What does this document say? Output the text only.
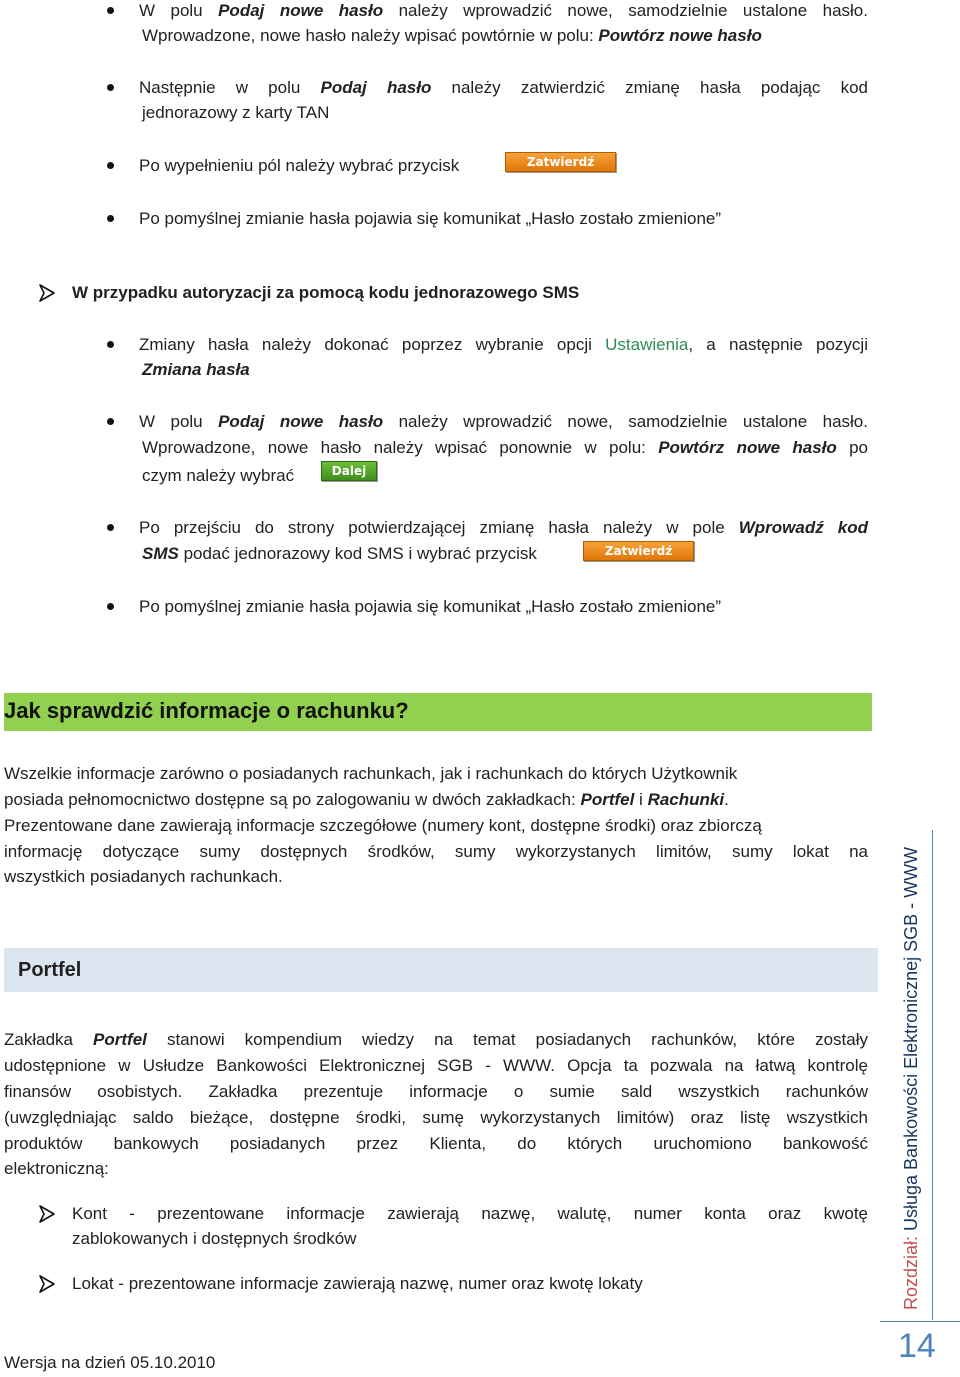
W polu Podaj nowe hasło należy wprowadzić nowe, samodzielnie ustalone hasło.
Wprowadzone, nowe hasło należy wpisać powtórnie w polu: Powtórz nowe hasło
Następnie w polu Podaj hasło należy zatwierdzić zmianę hasła podając kod
jednorazowy z karty TAN
Po wypełnieniu pól należy wybrać przycisk	Zatwierdź
Po pomyślnej zmianie hasła pojawia się komunikat „Hasło zostało zmienione”
W przypadku autoryzacji za pomocą kodu jednorazowego SMS
Zmiany hasła należy dokonać poprzez wybranie opcji Ustawienia, a następnie pozycji
Zmiana hasła
W polu Podaj nowe hasło należy wprowadzić nowe, samodzielnie ustalone hasło.
Wprowadzone, nowe hasło należy wpisać ponownie w polu: Powtórz nowe hasło po
czym należy wybrać	Dalej
Po przejściu do strony potwierdzającej zmianę hasła należy w pole Wprowadź kod
SMS podać jednorazowy kod SMS i wybrać przycisk	Zatwierdź
Po pomyślnej zmianie hasła pojawia się komunikat „Hasło zostało zmienione”
Jak sprawdzić informacje o rachunku?
Wszelkie informacje zarówno o posiadanych rachunkach, jak i rachunkach do których Użytkownik
posiada pełnomocnictwo dostępne są po zalogowaniu w dwóch zakładkach: Portfel i Rachunki.
Prezentowane dane zawierają informacje szczegółowe (numery kont, dostępne środki) oraz zbiorczą
informację dotyczące sumy dostępnych środków, sumy wykorzystanych limitów, sumy lokat na
wszystkich posiadanych rachunkach.
Portfel
Zakładka Portfel stanowi kompendium wiedzy na temat posiadanych rachunków, które zostały
udostępnione w Usłudze Bankowości Elektronicznej SGB - WWW. Opcja ta pozwala na łatwą kontrolę
finansów osobistych. Zakładka prezentuje informacje o sumie sald wszystkich rachunków
(uwzględniając saldo bieżące, dostępne środki, sumę wykorzystanych limitów) oraz listę wszystkich
produktów bankowych posiadanych przez Klienta, do których uruchomiono bankowość
elektroniczną:
Kont - prezentowane informacje zawierają nazwę, walutę, numer konta oraz kwotę
zablokowanych i dostępnych środków
Lokat - prezentowane informacje zawierają nazwę, numer oraz kwotę lokaty	Rozdział: Usługa Bankowości Elektronicznej SGB - WWW
14
Wersja na dzień 05.10.2010
